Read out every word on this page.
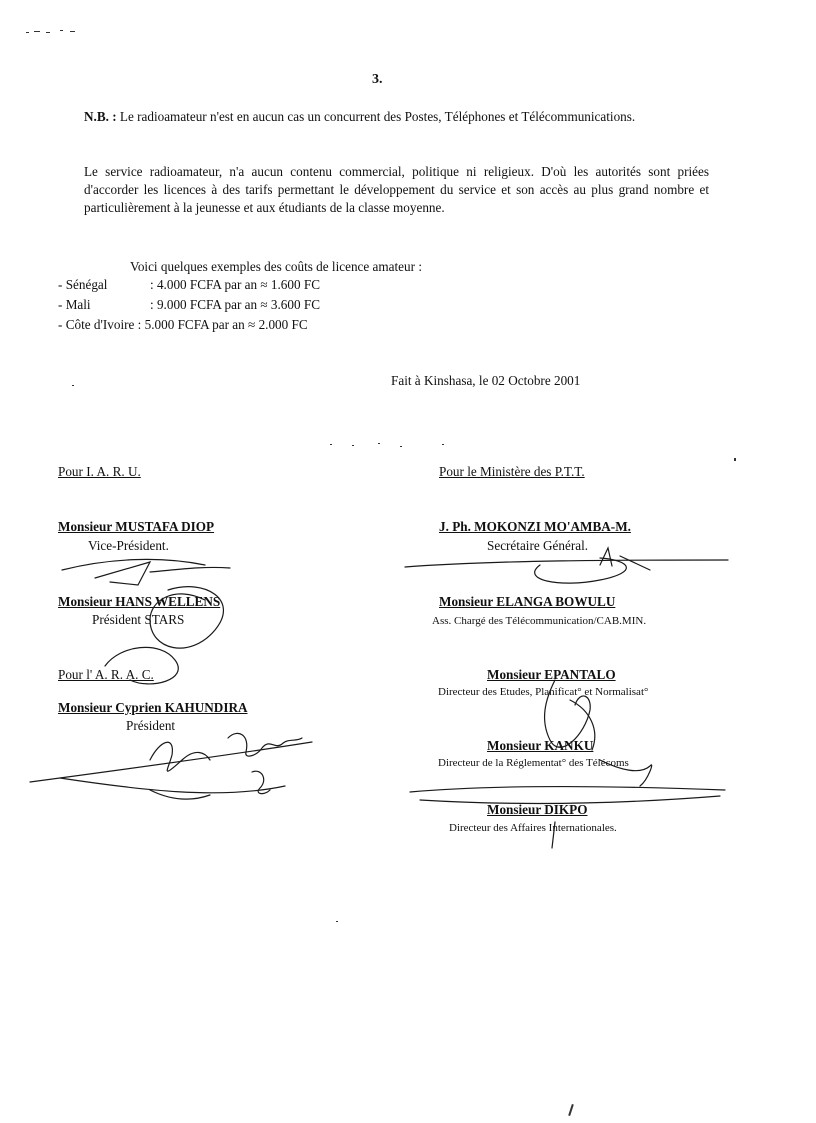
3.
N.B. : Le radioamateur n'est en aucun cas un concurrent des Postes, Téléphones et Télécommunications.
Le service radioamateur, n'a aucun contenu commercial, politique ni religieux. D'où les autorités sont priées d'accorder les licences à des tarifs permettant le développement du service et son accès au plus grand nombre et particulièrement à la jeunesse et aux étudiants de la classe moyenne.
Voici quelques exemples des coûts de licence amateur :
- Sénégal	: 4.000 FCFA par an ≈ 1.600 FC
- Mali	: 9.000 FCFA par an ≈ 3.600 FC
- Côte d'Ivoire : 5.000 FCFA par an ≈ 2.000 FC
Fait à Kinshasa, le 02 Octobre 2001
Pour I. A. R. U.
Monsieur MUSTAFA DIOP
Vice-Président.
Monsieur HANS WELLENS
Président STARS
Pour l' A. R. A. C.
Monsieur Cyprien KAHUNDIRA
Président
Pour le Ministère des P.T.T.
J. Ph. MOKONZI MO'AMBA-M.
Secrétaire Général.
Monsieur ELANGA BOWULU
Ass. Chargé des Télécommunication/CAB.MIN.
Monsieur EPANTALO
Directeur des Etudes, Planificat° et Normalisat°
Monsieur KANKU
Directeur de la Réglementat° des Télécoms
Monsieur DIKPO
Directeur des Affaires Internationales.
